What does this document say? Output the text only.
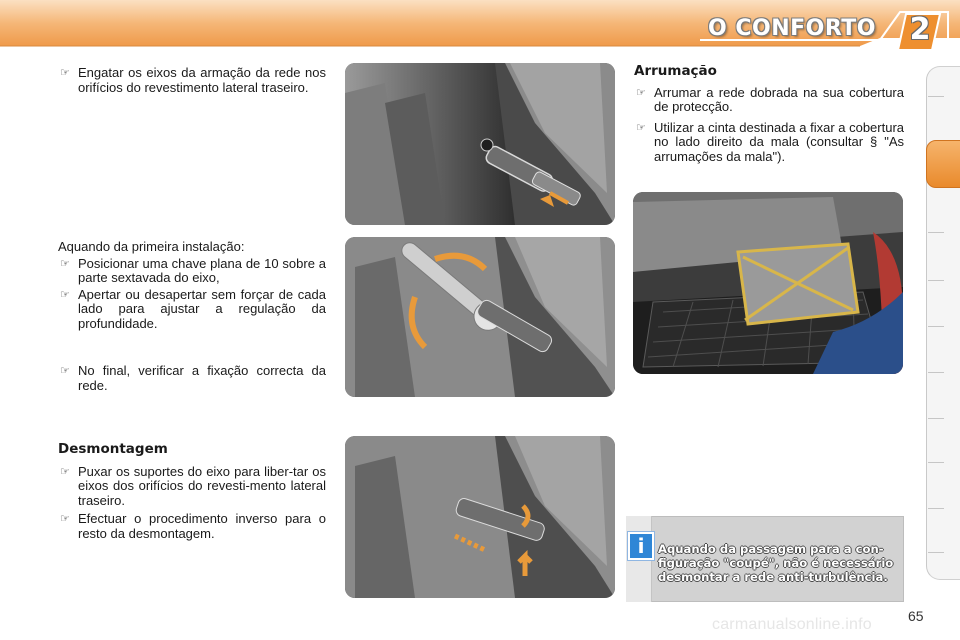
O CONFORTO 2
☞ Engatar os eixos da armação da rede nos orifícios do revestimento lateral traseiro.

Aquando da primeira instalação:

☞ Posicionar uma chave plana de 10 sobre a parte sextavada do eixo,
☞ Apertar ou desapertar sem forçar de cada lado para ajustar a regulação da profundidade.
☞ No final, verificar a fixação correcta da rede.
Desmontagem
☞ Puxar os suportes do eixo para liber-tar os eixos dos orifícios do revesti-mento lateral traseiro.
☞ Efectuar o procedimento inverso para o resto da desmontagem.
Arrumação
☞ Arrumar a rede dobrada na sua cobertura de protecção.
☞ Utilizar a cinta destinada a fixar a cobertura no lado direito da mala (consultar § "As arrumações da mala").
i	Aquando da passagem para a con-figuração "coupé", não é necessário desmontar a rede anti-turbulência.
carmanualsonline.info	65
